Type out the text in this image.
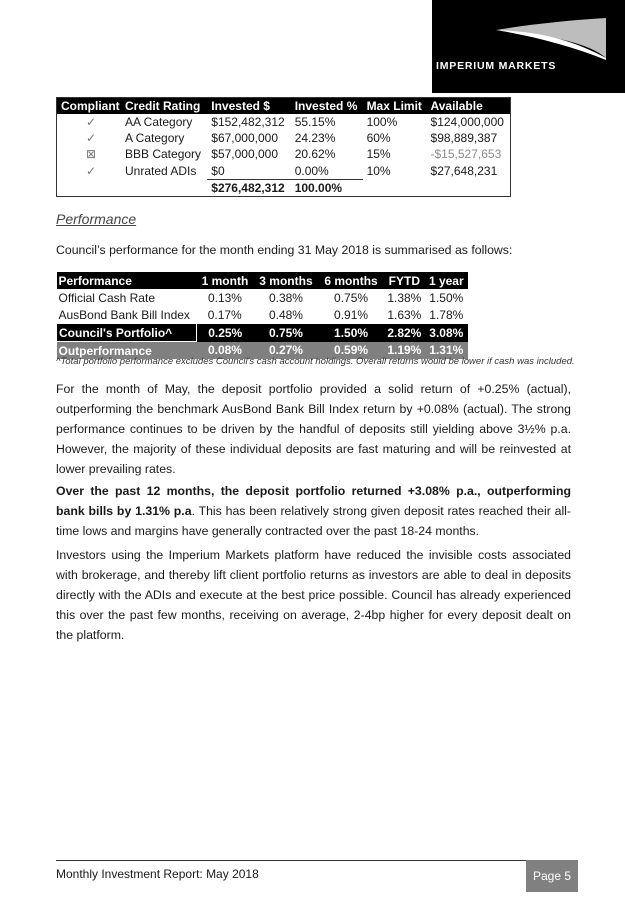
IMPERIUM MARKETS
Compliant	Credit Rating	Invested $	Invested %	Max Limit	Available
✓	AA Category	$152,482,312	55.15%	100%	$124,000,000
✓	A Category	$67,000,000	24.23%	60%	$98,889,387
⊠	BBB Category	$57,000,000	20.62%	15%	-$15,527,653
✓	Unrated ADIs	$0	0.00%	10%	$27,648,231
		$276,482,312	100.00%		
Performance

Council’s performance for the month ending 31 May 2018 is summarised as follows:

Performance	1 month	3 months	6 months	FYTD	1 year
Official Cash Rate	0.13%	0.38%	0.75%	1.38%	1.50%
AusBond Bank Bill Index	0.17%	0.48%	0.91%	1.63%	1.78%
Council's Portfolio^	0.25%	0.75%	1.50%	2.82%	3.08%
Outperformance	0.08%	0.27%	0.59%	1.19%	1.31%
^Total portfolio performance excludes Council's cash account holdings. Overall returns would be lower if cash was included.

For the month of May, the deposit portfolio provided a solid return of +0.25% (actual), outperforming the benchmark AusBond Bank Bill Index return by +0.08% (actual). The strong performance continues to be driven by the handful of deposits still yielding above 3½% p.a. However, the majority of these individual deposits are fast maturing and will be reinvested at lower prevailing rates.

Over the past 12 months, the deposit portfolio returned +3.08% p.a., outperforming bank bills by 1.31% p.a. This has been relatively strong given deposit rates reached their all-time lows and margins have generally contracted over the past 18-24 months.

Investors using the Imperium Markets platform have reduced the invisible costs associated with brokerage, and thereby lift client portfolio returns as investors are able to deal in deposits directly with the ADIs and execute at the best price possible. Council has already experienced this over the past few months, receiving on average, 2-4bp higher for every deposit dealt on the platform.

Monthly Investment Report: May 2018	Page 5
